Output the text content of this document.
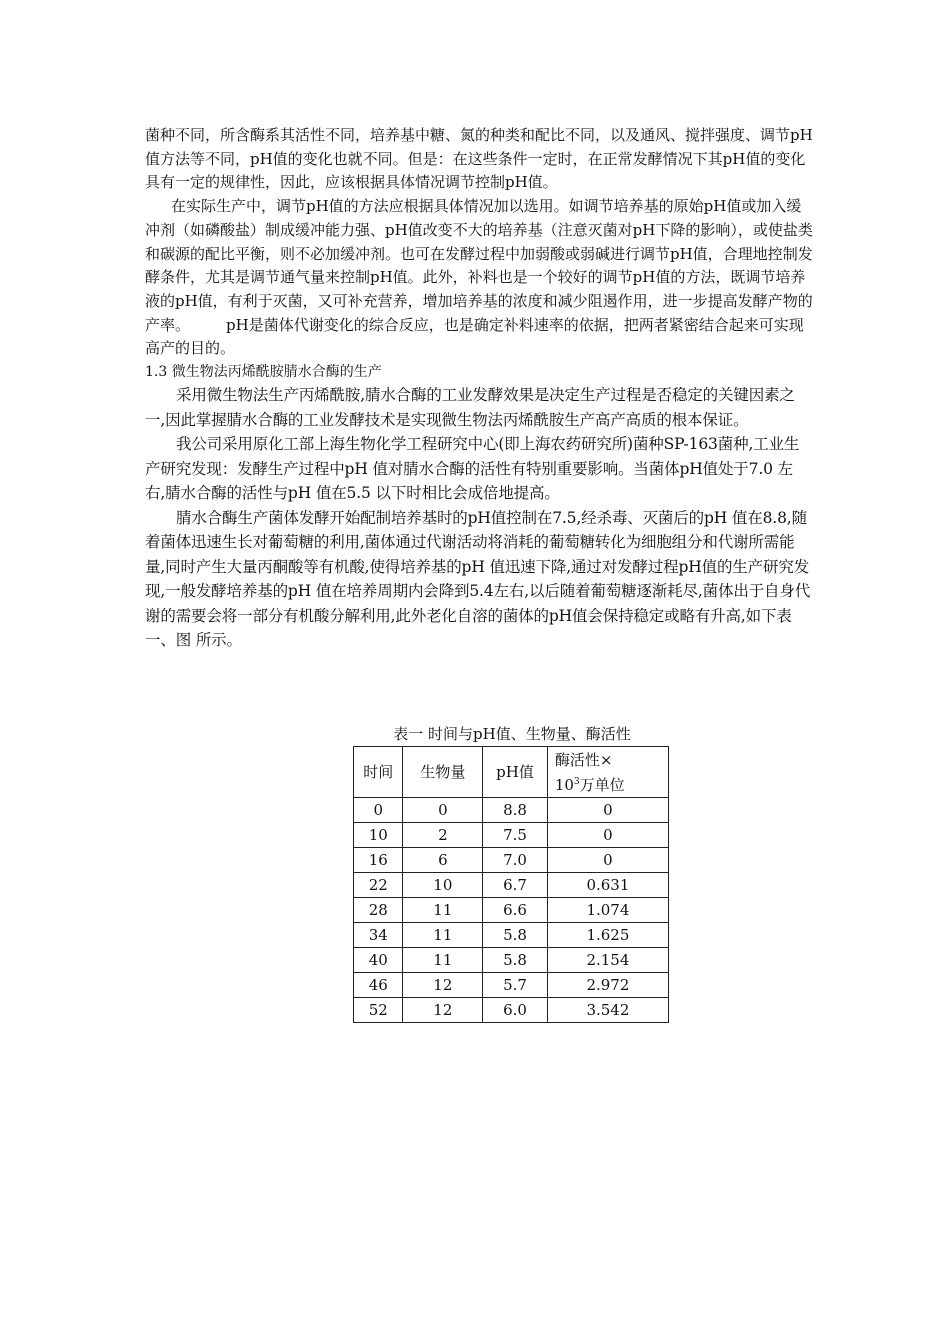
菌种不同，所含酶系其活性不同，培养基中糖、氮的种类和配比不同，以及通风、搅拌强度、调节pH值方法等不同，pH值的变化也就不同。但是：在这些条件一定时，在正常发酵情况下其pH值的变化具有一定的规律性，因此，应该根据具体情况调节控制pH值。

在实际生产中，调节pH值的方法应根据具体情况加以选用。如调节培养基的原始pH值或加入缓冲剂（如磷酸盐）制成缓冲能力强、pH值改变不大的培养基（注意灭菌对pH下降的影响），或使盐类和碳源的配比平衡，则不必加缓冲剂。也可在发酵过程中加弱酸或弱碱进行调节pH值，合理地控制发酵条件，尤其是调节通气量来控制pH值。此外，补料也是一个较好的调节pH值的方法，既调节培养液的pH值，有利于灭菌，又可补充营养，增加培养基的浓度和减少阻遏作用，进一步提高发酵产物的产率。 pH是菌体代谢变化的综合反应，也是确定补料速率的依据，把两者紧密结合起来可实现高产的目的。

1.3 微生物法丙烯酰胺腈水合酶的生产

采用微生物法生产丙烯酰胺,腈水合酶的工业发酵效果是决定生产过程是否稳定的关键因素之一,因此掌握腈水合酶的工业发酵技术是实现微生物法丙烯酰胺生产高产高质的根本保证。

我公司采用原化工部上海生物化学工程研究中心(即上海农药研究所)菌种SP-163菌种,工业生产研究发现：发酵生产过程中pH 值对腈水合酶的活性有特别重要影响。当菌体pH值处于7.0 左右,腈水合酶的活性与pH 值在5.5 以下时相比会成倍地提高。

腈水合酶生产菌体发酵开始配制培养基时的pH值控制在7.5,经杀毒、灭菌后的pH 值在8.8,随着菌体迅速生长对葡萄糖的利用,菌体通过代谢活动将消耗的葡萄糖转化为细胞组分和代谢所需能量,同时产生大量丙酮酸等有机酸,使得培养基的pH 值迅速下降,通过对发酵过程pH值的生产研究发现,一般发酵培养基的pH 值在培养周期内会降到5.4左右,以后随着葡萄糖逐渐耗尽,菌体出于自身代谢的需要会将一部分有机酸分解利用,此外老化自溶的菌体的pH值会保持稳定或略有升高,如下表一、图 所示。

表一 时间与pH值、生物量、酶活性

时间	生物量	pH值	酶活性×
$10^3$万单位
0	0	8.8	0
10	2	7.5	0
16	6	7.0	0
22	10	6.7	0.631
28	11	6.6	1.074
34	11	5.8	1.625
40	11	5.8	2.154
46	12	5.7	2.972
52	12	6.0	3.542
